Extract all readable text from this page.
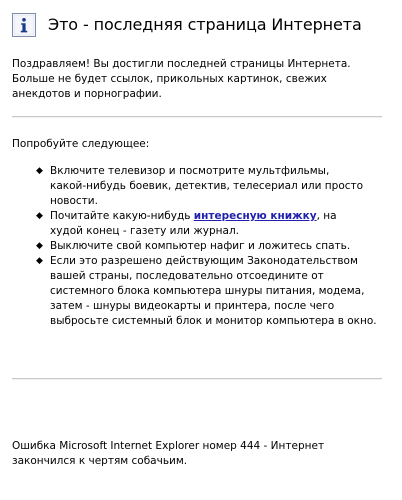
Это - последняя страница Интернета
Поздравляем! Вы достигли последней страницы Интернета.
Больше не будет ссылок, прикольных картинок, свежих
анекдотов и порнографии.
Попробуйте следующее:
◆ Включите телевизор и посмотрите мультфильмы,
какой-нибудь боевик, детектив, телесериал или просто
новости.
◆ Почитайте какую-нибудь интересную книжку, на
худой конец - газету или журнал.
◆ Выключите свой компьютер нафиг и ложитесь спать.
◆ Если это разрешено действующим Законодательством
вашей страны, последовательно отсоедините от
системного блока компьютера шнуры питания, модема,
затем - шнуры видеокарты и принтера, после чего
выбросьте системный блок и монитор компьютера в окно.
Ошибка Microsoft Internet Explorer номер 444 - Интернет
закончился к чертям собачьим.
